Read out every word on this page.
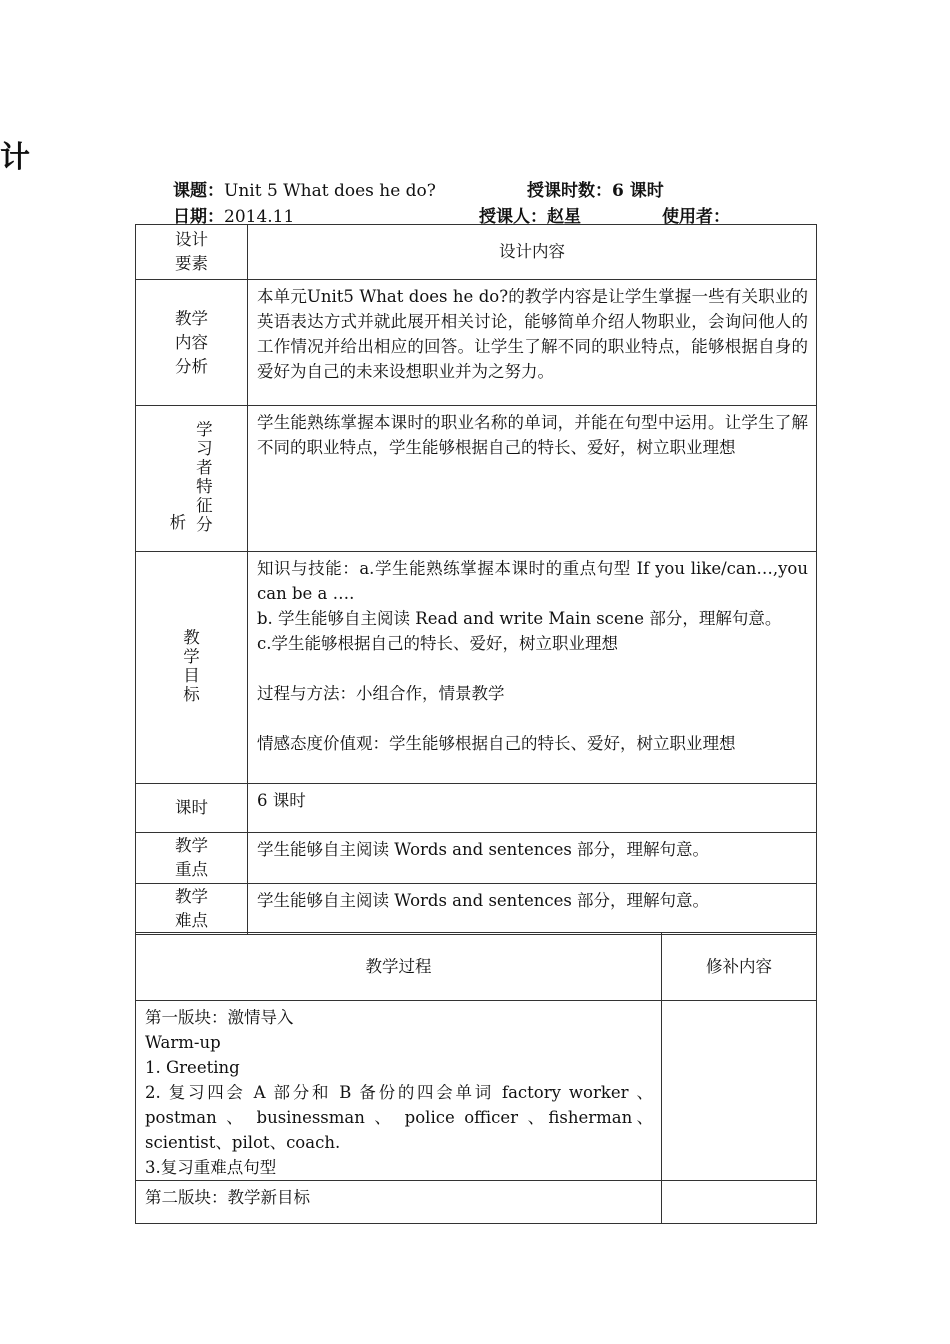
计
课题：Unit 5 What does he do?	授课时数：6 课时
日期：2014.11	授课人：赵星	使用者：
设计
要素	设计内容
教学
内容
分析	本单元Unit5 What does he do?的教学内容是让学生掌握一些有关职业的英语表达方式并就此展开相关讨论，能够简单介绍人物职业，会询问他人的工作情况并给出相应的回答。让学生了解不同的职业特点，能够根据自身的爱好为自己的未来设想职业并为之努力。
析 学习者特征分	学生能熟练掌握本课时的职业名称的单词，并能在句型中运用。让学生了解不同的职业特点，学生能够根据自己的特长、爱好，树立职业理想
教学目标	知识与技能：a.学生能熟练掌握本课时的重点句型 If you like/can…,you can be a ….
b. 学生能够自主阅读 Read and write Main scene 部分，理解句意。
c.学生能够根据自己的特长、爱好，树立职业理想
过程与方法：小组合作，情景教学
情感态度价值观：学生能够根据自己的特长、爱好，树立职业理想

课时	6 课时
教学
重点	学生能够自主阅读 Words and sentences 部分，理解句意。
教学
难点	学生能够自主阅读 Words and sentences 部分，理解句意。
教学过程	修补内容

第一版块：激情导入
Warm-up
1. Greeting
2. 复习四会 A 部分和 B 备份的四会单词 factory worker 、 postman 、 businessman 、 police officer 、fisherman、scientist、pilot、coach.
3.复习重难点句型	

第二版块：教学新目标	
